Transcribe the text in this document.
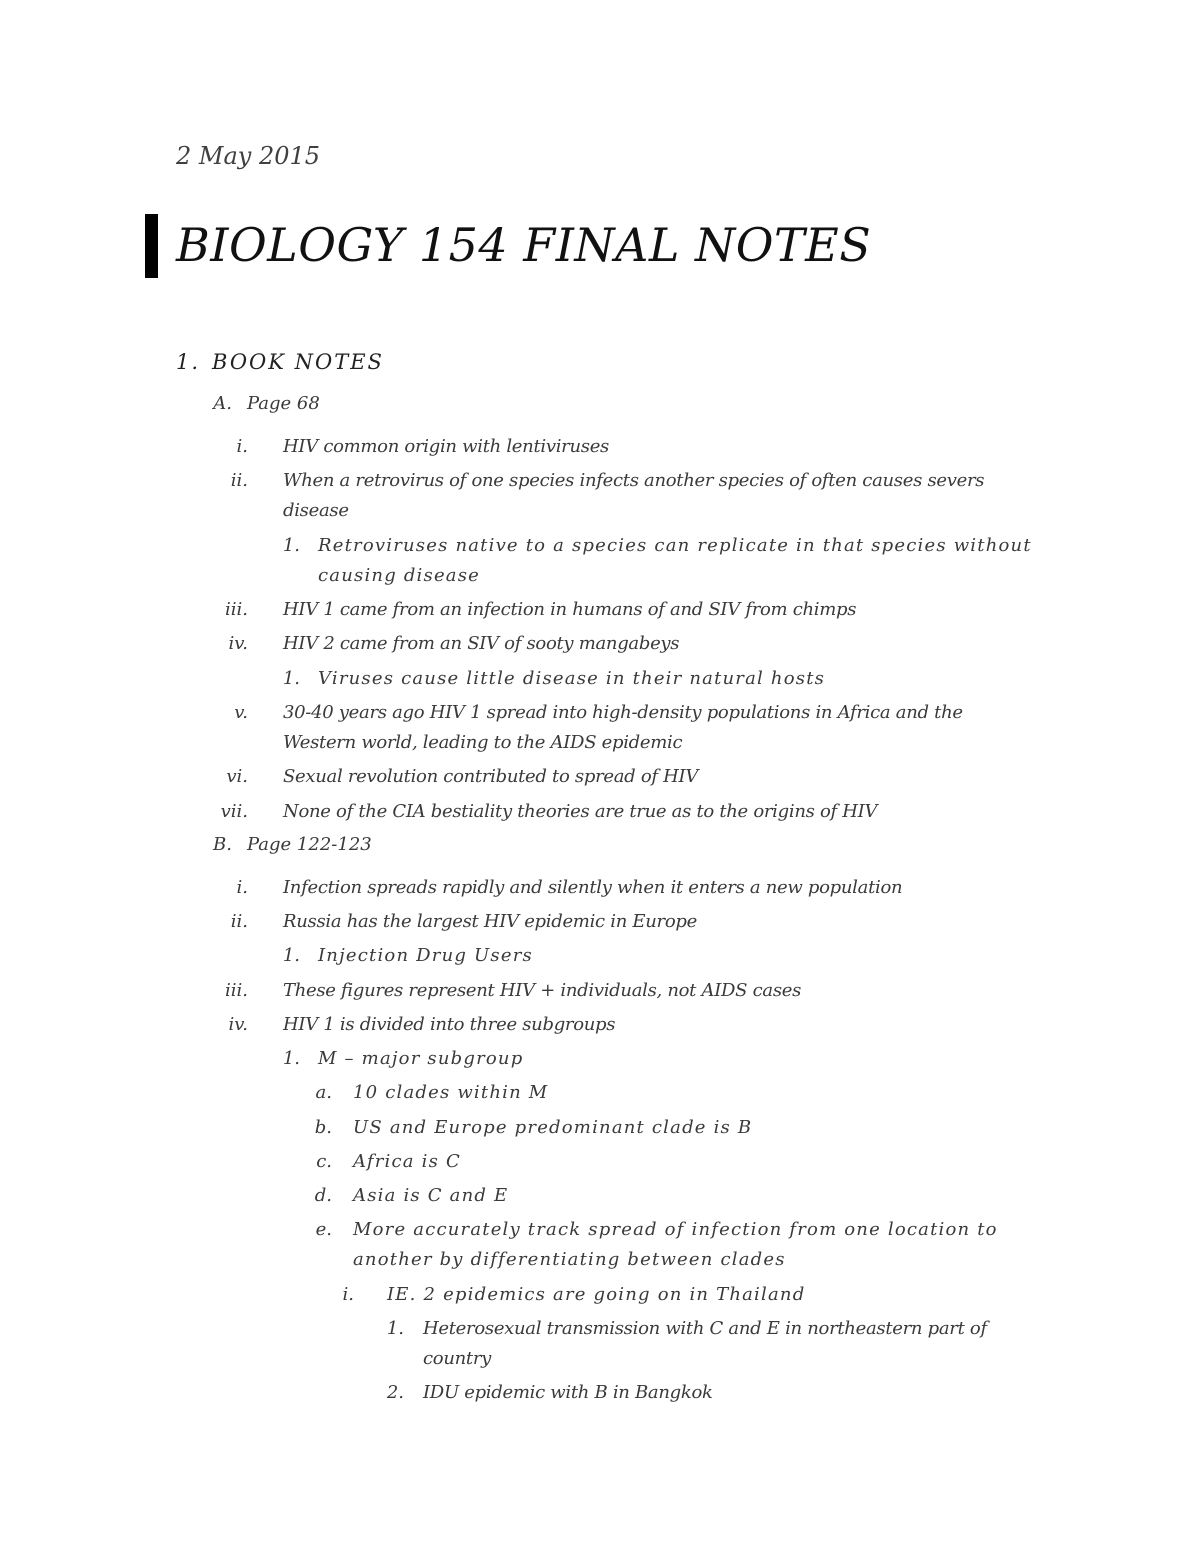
2 May 2015
BIOLOGY 154 FINAL NOTES
1. BOOK NOTES
A. Page 68
i. HIV common origin with lentiviruses
ii. When a retrovirus of one species infects another species of often causes severs
disease
1. Retroviruses native to a species can replicate in that species without
causing disease
iii. HIV 1 came from an infection in humans of and SIV from chimps
iv. HIV 2 came from an SIV of sooty mangabeys
1. Viruses cause little disease in their natural hosts
v. 30-40 years ago HIV 1 spread into high-density populations in Africa and the
Western world, leading to the AIDS epidemic
vi. Sexual revolution contributed to spread of HIV
vii. None of the CIA bestiality theories are true as to the origins of HIV
B. Page 122-123
i. Infection spreads rapidly and silently when it enters a new population
ii. Russia has the largest HIV epidemic in Europe
1. Injection Drug Users
iii. These figures represent HIV + individuals, not AIDS cases
iv. HIV 1 is divided into three subgroups
1. M – major subgroup
a. 10 clades within M
b. US and Europe predominant clade is B
c. Africa is C
d. Asia is C and E
e. More accurately track spread of infection from one location to
another by differentiating between clades
i. IE. 2 epidemics are going on in Thailand
1. Heterosexual transmission with C and E in northeastern part of
country
2. IDU epidemic with B in Bangkok
